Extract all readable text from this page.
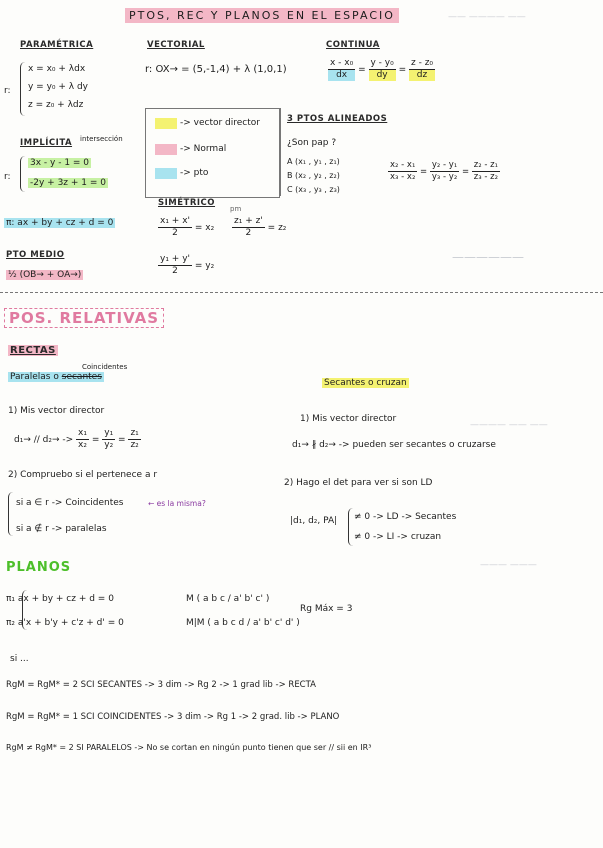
—— ———— ——
——————
———— —— ——
——— ———
PTOS, REC Y PLANOS EN EL ESPACIO
PARAMÉTRICA
r:
x = x₀ + λdx
y = y₀ + λ dy
z = z₀ + λdz
VECTORIAL
r: OX→ = (5,-1,4) + λ (1,0,1)
CONTINUA
$\frac{\text{x - x₀}}{dx} = \frac{\text{y - y₀}}{dy} = \frac{\text{z - z₀}}{dz}$
-> vector director
-> Normal
-> pto
3 PTOS ALINEADOS
¿Son pap ?
A (x₁ , y₁ , z₁)
B (x₂ , y₂ , z₂)
C (x₃ , y₃ , z₃)
$\frac{\text{x₂ - x₁}}{\text{x₃ - x₂}} = \frac{\text{y₂ - y₁}}{\text{y₃ - y₂}} = \frac{\text{z₂ - z₁}}{\text{z₃ - z₂}}$
IMPLÍCITA intersección
r:
3x - y - 1 = 0
-2y + 3z + 1 = 0
π: ax + by + cz + d = 0
SIMÉTRICO
pm
$\frac{\text{x₁ + x'}}{2} = x_2 \frac{\text{z₁ + z'}}{2} = z_2$
$\frac{\text{y₁ + y'}}{2} = y_2$
PTO MEDIO
½ (OB→ + OA→)
POS. RELATIVAS
RECTAS
Paralelas o secantes
Coincidentes
1) Mis vector director
$d_1\to // d_2\to -> \frac{\text{x₁}}{\text{x₂}} = \frac{\text{y₁}}{\text{y₂}} = \frac{\text{z₁}}{\text{z₂}}$
2) Compruebo si el pertenece a r
si a ∈ r -> Coincidentes	← es la misma?
si a ∉ r -> paralelas
Secantes o cruzan
1) Mis vector director
d₁→ ∦ d₂→ -> pueden ser secantes o cruzarse
2) Hago el det para ver si son LD
|d₁, d₂, PA| ≠ 0 -> LD -> Secantes
≠ 0 -> LI -> cruzan
PLANOS
π₁ ax + by + cz + d = 0
π₂ a'x + b'y + c'z + d' = 0
M ( a b c / a' b' c' )
M|M ( a b c d / a' b' c' d' )
Rg Máx = 3
si ...
RgM = RgM* = 2 SCI SECANTES -> 3 dim -> Rg 2 -> 1 grad lib -> RECTA
RgM = RgM* = 1 SCI COINCIDENTES -> 3 dim -> Rg 1 -> 2 grad. lib -> PLANO
RgM ≠ RgM* = 2 SI PARALELOS -> No se cortan en ningún punto tienen que ser // sii en IR³
